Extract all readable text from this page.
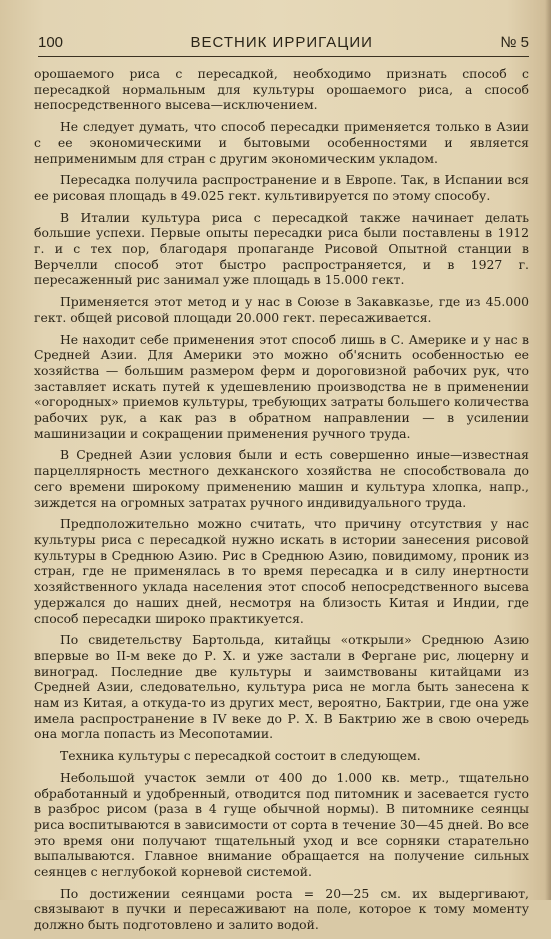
100	ВЕСТНИК ИРРИГАЦИИ	№ 5

орошаемого риса с пересадкой, необходимо признать способ с пересадкой нормальным для культуры орошаемого риса, а способ непосредственного высева—исключением.

Не следует думать, что способ пересадки применяется только в Азии с ее экономическими и бытовыми особенностями и является неприменимым для стран с другим экономическим укладом.

Пересадка получила распространение и в Европе. Так, в Испании вся ее рисовая площадь в 49.025 гект. культивируется по этому способу.

В Италии культура риса с пересадкой также начинает делать большие успехи. Первые опыты пересадки риса были поставлены в 1912 г. и с тех пор, благодаря пропаганде Рисовой Опытной станции в Верчелли способ этот быстро распространяется, и в 1927 г. пересаженный рис занимал уже площадь в 15.000 гект.

Применяется этот метод и у нас в Союзе в Закавказье, где из 45.000 гект. общей рисовой площади 20.000 гект. пересаживается.

Не находит себе применения этот способ лишь в С. Америке и у нас в Средней Азии. Для Америки это можно об'яснить особенностью ее хозяйства — большим размером ферм и дороговизной рабочих рук, что заставляет искать путей к удешевлению производства не в применении «огородных» приемов культуры, требующих затраты большего количества рабочих рук, а как раз в обратном направлении — в усилении машинизации и сокращении применения ручного труда.

В Средней Азии условия были и есть совершенно иные—известная парцеллярность местного дехканского хозяйства не способствовала до сего времени широкому применению машин и культура хлопка, напр., зиждется на огромных затратах ручного индивидуального труда.

Предположительно можно считать, что причину отсутствия у нас культуры риса с пересадкой нужно искать в истории занесения рисовой культуры в Среднюю Азию. Рис в Среднюю Азию, повидимому, проник из стран, где не применялась в то время пересадка и в силу инертности хозяйственного уклада населения этот способ непосредственного высева удержался до наших дней, несмотря на близость Китая и Индии, где способ пересадки широко практикуется.

По свидетельству Бартольда, китайцы «открыли» Среднюю Азию впервые во II-м веке до Р. Х. и уже застали в Фергане рис, люцерну и виноград. Последние две культуры и заимствованы китайцами из Средней Азии, следовательно, культура риса не могла быть занесена к нам из Китая, а откуда-то из других мест, вероятно, Бактрии, где она уже имела распространение в IV веке до Р. Х. В Бактрию же в свою очередь она могла попасть из Месопотамии.

Техника культуры с пересадкой состоит в следующем.

Небольшой участок земли от 400 до 1.000 кв. метр., тщательно обработанный и удобренный, отводится под питомник и засевается густо в разброс рисом (раза в 4 гуще обычной нормы). В питомнике сеянцы риса воспитываются в зависимости от сорта в течение 30—45 дней. Во все это время они получают тщательный уход и все сорняки старательно выпалываются. Главное внимание обращается на получение сильных сеянцев с неглубокой корневой системой.

По достижении сеянцами роста = 20—25 см. их выдергивают, связывают в пучки и пересаживают на поле, которое к тому моменту должно быть подготовлено и залито водой.
